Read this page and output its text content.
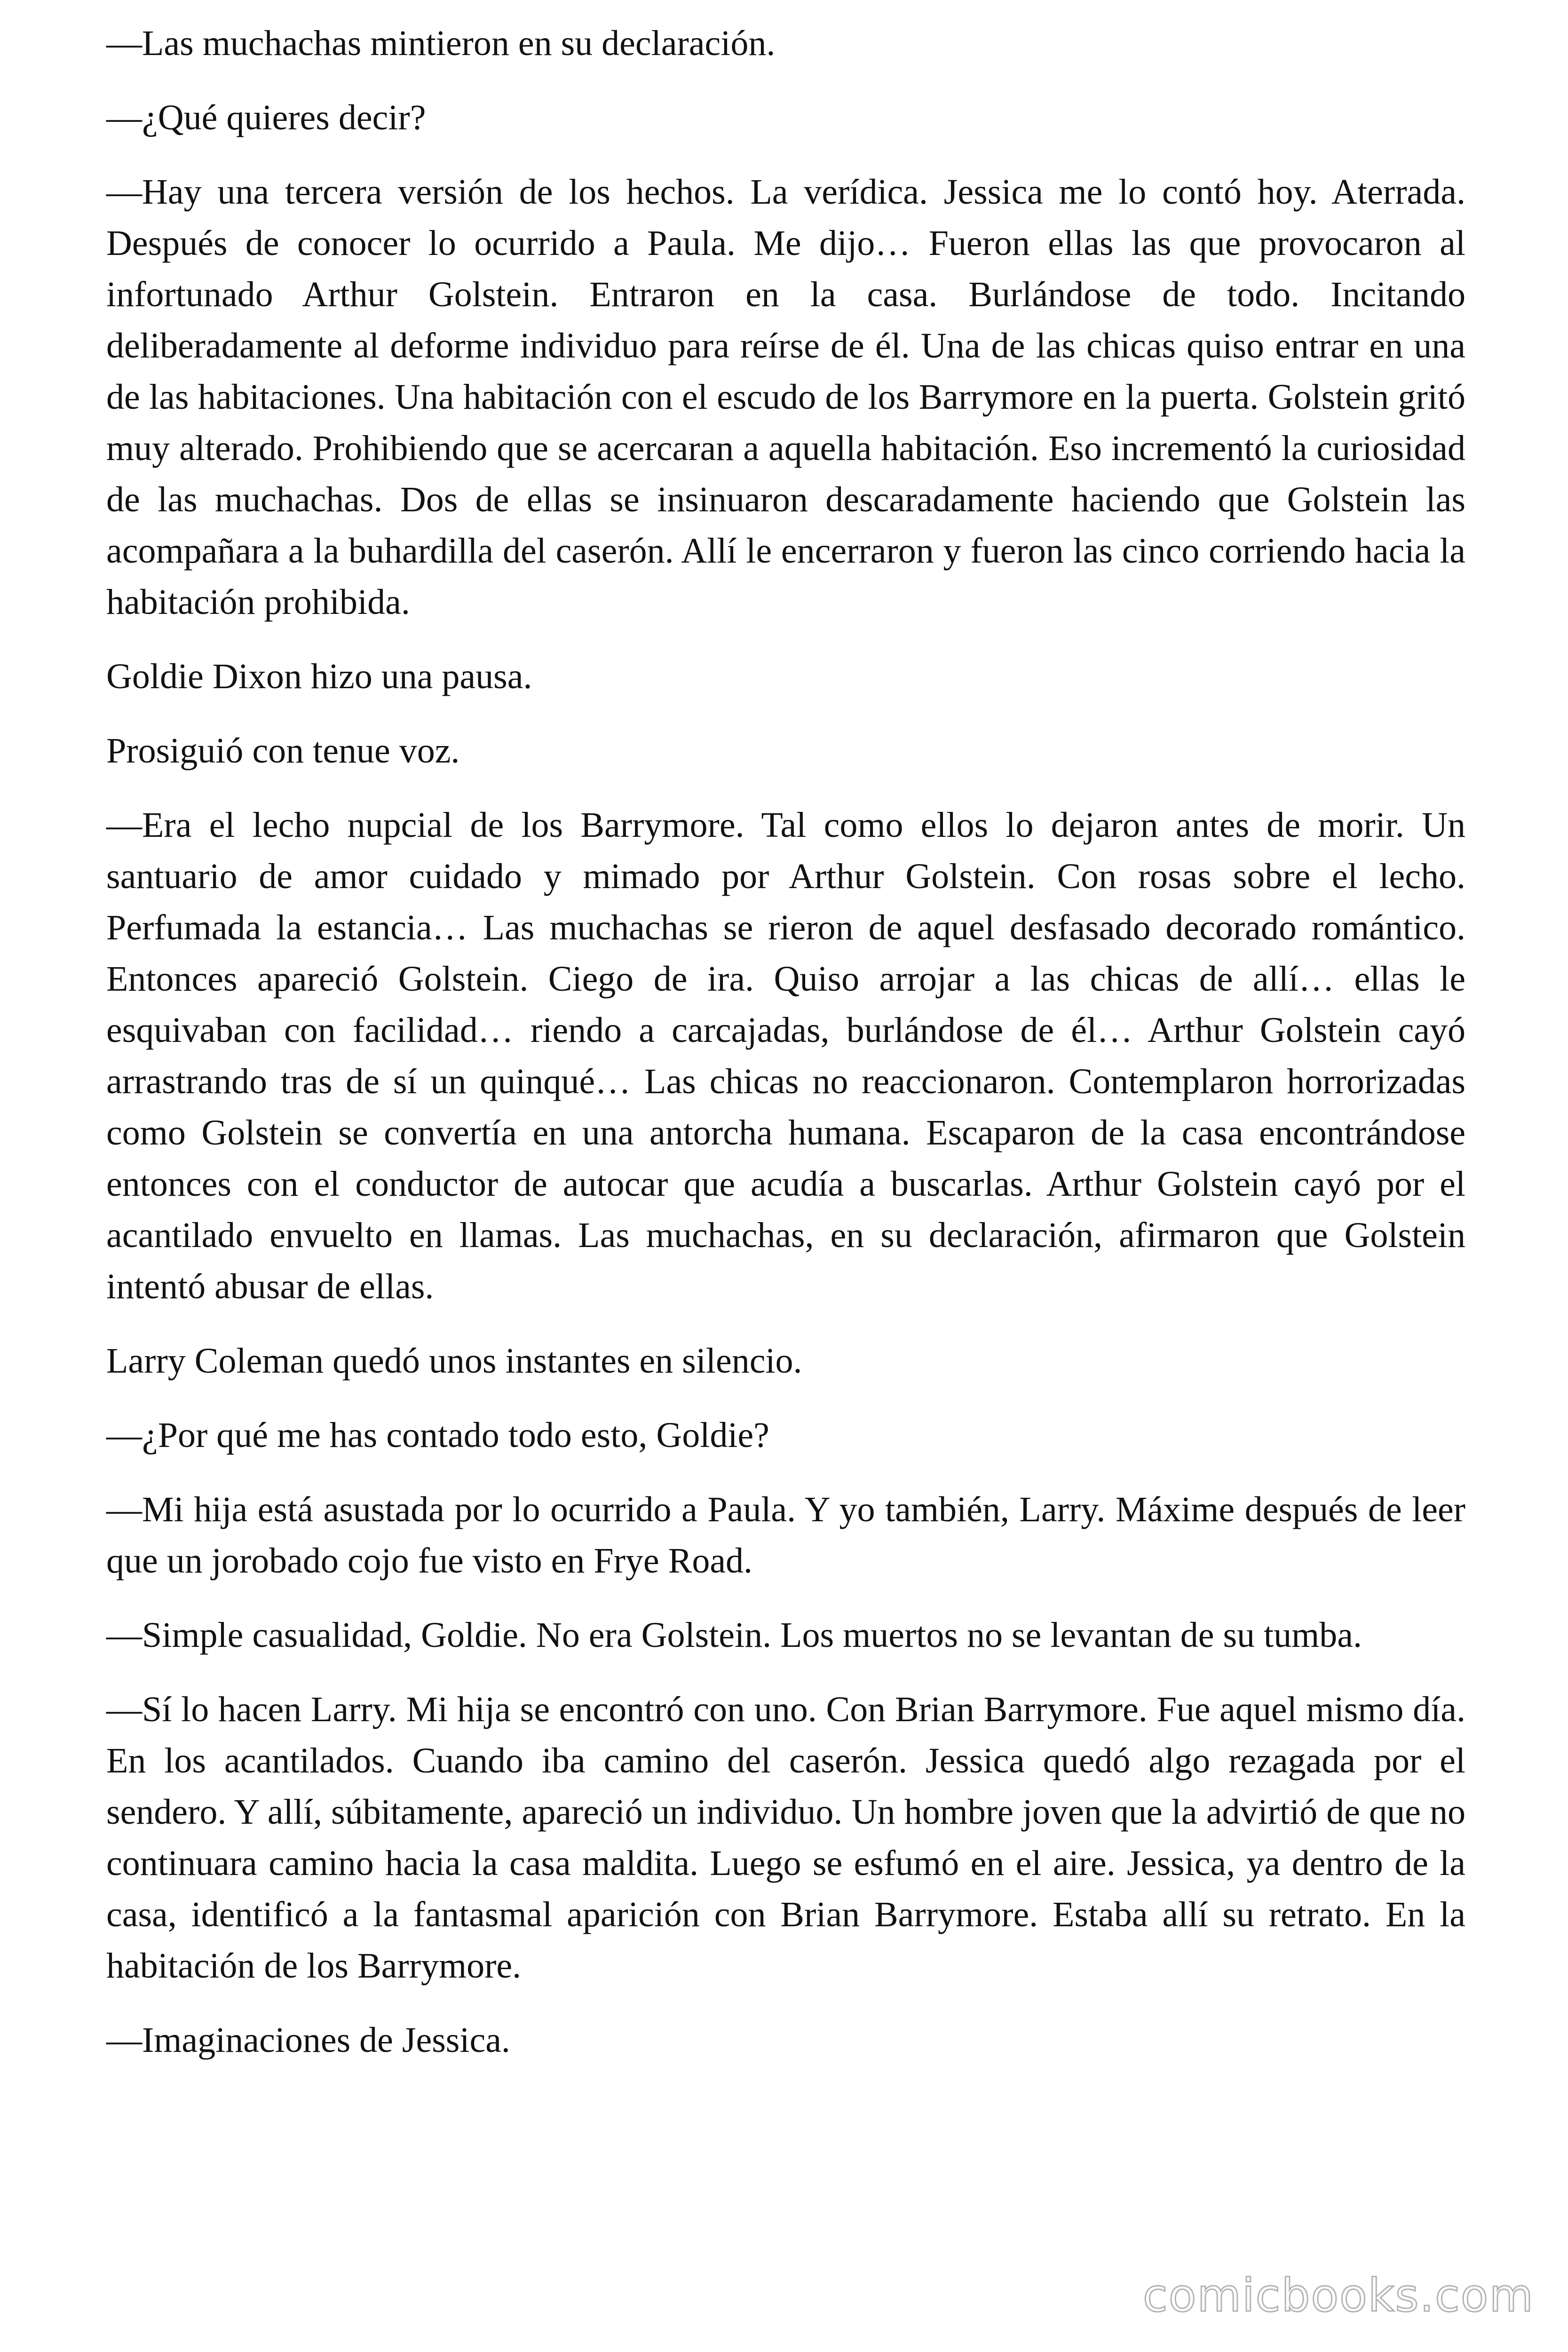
—Las muchachas mintieron en su declaración.

—¿Qué quieres decir?

—Hay una tercera versión de los hechos. La verídica. Jessica me lo contó hoy. Aterrada. Después de conocer lo ocurrido a Paula. Me dijo… Fueron ellas las que provocaron al infortunado Arthur Golstein. Entraron en la casa. Burlándose de todo. Incitando deliberadamente al deforme individuo para reírse de él. Una de las chicas quiso entrar en una de las habitaciones. Una habitación con el escudo de los Barrymore en la puerta. Golstein gritó muy alterado. Prohibiendo que se acercaran a aquella habitación. Eso incrementó la curiosidad de las muchachas. Dos de ellas se insinuaron descaradamente haciendo que Golstein las acompañara a la buhardilla del caserón. Allí le encerraron y fueron las cinco corriendo hacia la habitación prohibida.

Goldie Dixon hizo una pausa.

Prosiguió con tenue voz.

—Era el lecho nupcial de los Barrymore. Tal como ellos lo dejaron antes de morir. Un santuario de amor cuidado y mimado por Arthur Golstein. Con rosas sobre el lecho. Perfumada la estancia… Las muchachas se rieron de aquel desfasado decorado romántico. Entonces apareció Golstein. Ciego de ira. Quiso arrojar a las chicas de allí… ellas le esquivaban con facilidad… riendo a carcajadas, burlándose de él… Arthur Golstein cayó arrastrando tras de sí un quinqué… Las chicas no reaccionaron. Contemplaron horrorizadas como Golstein se convertía en una antorcha humana. Escaparon de la casa encontrándose entonces con el conductor de autocar que acudía a buscarlas. Arthur Golstein cayó por el acantilado envuelto en llamas. Las muchachas, en su declaración, afirmaron que Golstein intentó abusar de ellas.

Larry Coleman quedó unos instantes en silencio.

—¿Por qué me has contado todo esto, Goldie?

—Mi hija está asustada por lo ocurrido a Paula. Y yo también, Larry. Máxime después de leer que un jorobado cojo fue visto en Frye Road.

—Simple casualidad, Goldie. No era Golstein. Los muertos no se levantan de su tumba.

—Sí lo hacen Larry. Mi hija se encontró con uno. Con Brian Barrymore. Fue aquel mismo día. En los acantilados. Cuando iba camino del caserón. Jessica quedó algo rezagada por el sendero. Y allí, súbitamente, apareció un individuo. Un hombre joven que la advirtió de que no continuara camino hacia la casa maldita. Luego se esfumó en el aire. Jessica, ya dentro de la casa, identificó a la fantasmal aparición con Brian Barrymore. Estaba allí su retrato. En la habitación de los Barrymore.

—Imaginaciones de Jessica.

comicbooks.com
